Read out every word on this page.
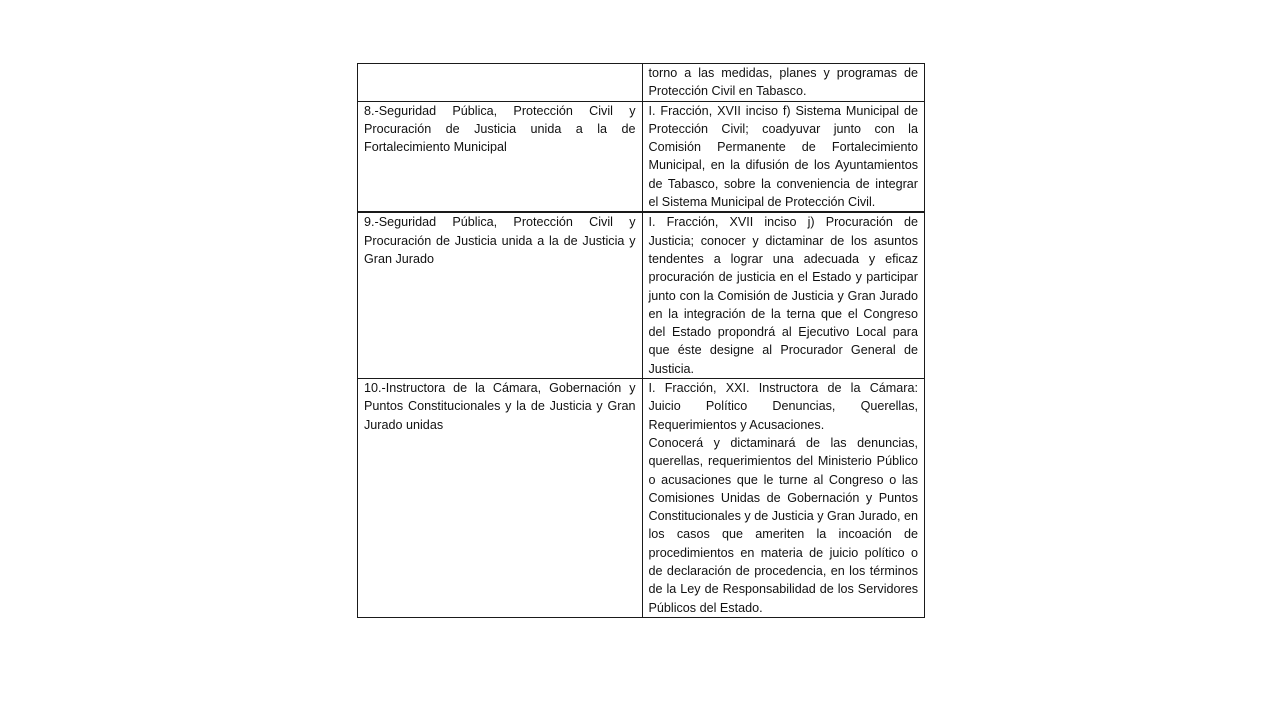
	torno a las medidas, planes y programas de Protección Civil en Tabasco.

8.-Seguridad Pública, Protección Civil y Procuración de Justicia unida a la de Fortalecimiento Municipal	I. Fracción, XVII inciso f) Sistema Municipal de Protección Civil; coadyuvar junto con la Comisión Permanente de Fortalecimiento Municipal, en la difusión de los Ayuntamientos de Tabasco, sobre la conveniencia de integrar el Sistema Municipal de Protección Civil.

9.-Seguridad Pública, Protección Civil y Procuración de Justicia unida a la de Justicia y Gran Jurado	I. Fracción, XVII inciso j) Procuración de Justicia; conocer y dictaminar de los asuntos tendentes a lograr una adecuada y eficaz procuración de justicia en el Estado y participar junto con la Comisión de Justicia y Gran Jurado en la integración de la terna que el Congreso del Estado propondrá al Ejecutivo Local para que éste designe al Procurador General de Justicia.

10.-Instructora de la Cámara, Gobernación y Puntos Constitucionales y la de Justicia y Gran Jurado unidas	I. Fracción, XXI. Instructora de la Cámara: Juicio Político Denuncias, Querellas, Requerimientos y Acusaciones.
Conocerá y dictaminará de las denuncias, querellas, requerimientos del Ministerio Público o acusaciones que le turne al Congreso o las Comisiones Unidas de Gobernación y Puntos Constitucionales y de Justicia y Gran Jurado, en los casos que ameriten la incoación de procedimientos en materia de juicio político o de declaración de procedencia, en los términos de la Ley de Responsabilidad de los Servidores Públicos del Estado.
